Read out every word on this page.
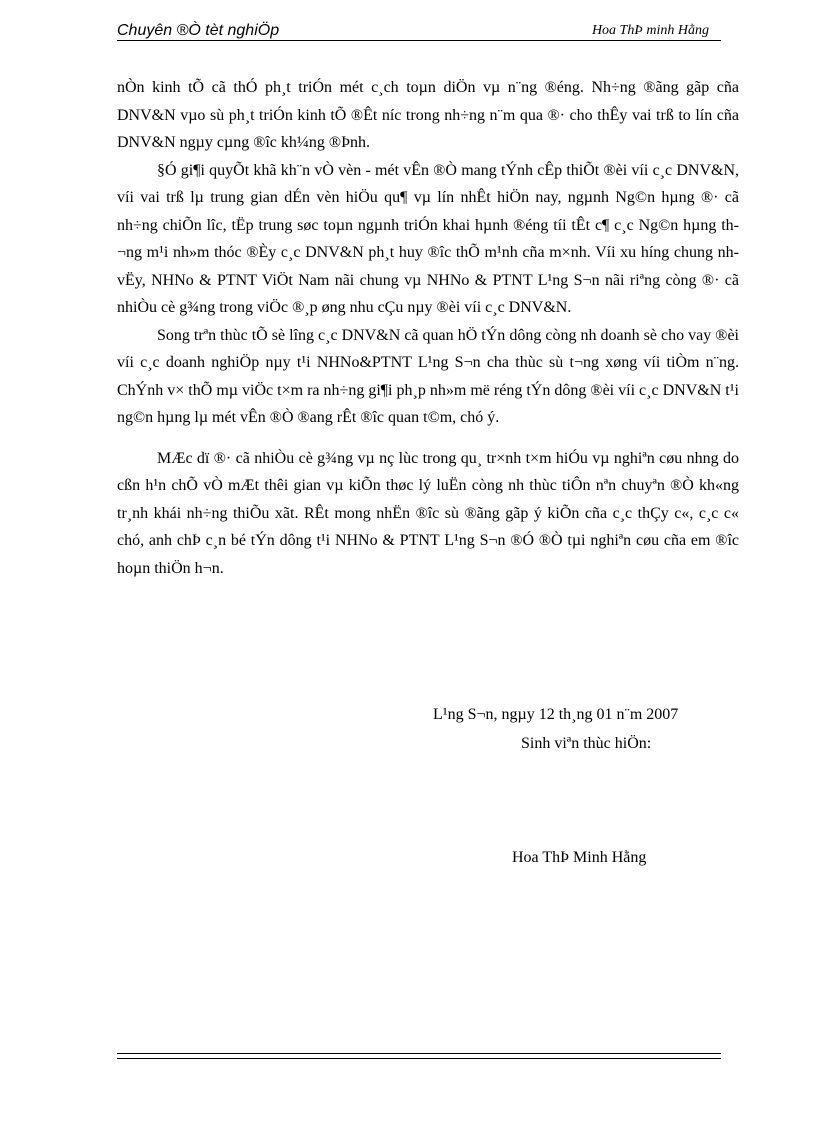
Chuyên ®Ò tèt nghiÖp	Hoa ThÞ minh Hằng

nÒn kinh tÕ cã thÓ ph¸t triÓn mét c¸ch toµn diÖn vµ n¨ng ®éng. Nh÷ng ®ãng gãp cña DNV&N vµo sù ph¸t triÓn kinh tÕ ®Êt níc trong nh÷ng n¨m qua ®· cho thÊy vai trß to lín cña DNV&N ngµy cµng ®îc kh¼ng ®Þnh.

§Ó gi¶i quyÕt khã kh¨n vÒ vèn - mét vÊn ®Ò mang tÝnh cÊp thiÕt ®èi víi c¸c DNV&N, víi vai trß lµ trung gian dÉn vèn hiÖu qu¶ vµ lín nhÊt hiÖn nay, ngµnh Ng©n hµng ®· cã nh÷ng chiÕn lîc, tËp trung søc toµn ngµnh triÓn khai hµnh ®éng tíi tÊt c¶ c¸c Ng©n hµng th¬ng m¹i nh»m thóc ®Èy c¸c DNV&N ph¸t huy ®îc thÕ m¹nh cña m×nh. Víi xu híng chung nh vËy, NHNo & PTNT ViÖt Nam nãi chung vµ NHNo & PTNT L¹ng S¬n nãi riªng còng ®· cã nhiÒu cè g¾ng trong viÖc ®¸p øng nhu cÇu nµy ®èi víi c¸c DNV&N.

Song trªn thùc tÕ sè lîng c¸c DNV&N cã quan hÖ tÝn dông còng nh doanh sè cho vay ®èi víi c¸c doanh nghiÖp nµy t¹i NHNo&PTNT L¹ng S¬n cha thùc sù t¬ng xøng víi tiÒm n¨ng. ChÝnh v× thÕ mµ viÖc t×m ra nh÷ng gi¶i ph¸p nh»m më réng tÝn dông ®èi víi c¸c DNV&N t¹i ng©n hµng lµ mét vÊn ®Ò ®ang rÊt ®îc quan t©m, chó ý.

MÆc dï ®· cã nhiÒu cè g¾ng vµ nç lùc trong qu¸ tr×nh t×m hiÓu vµ nghiªn cøu nhng do cßn h¹n chÕ vÒ mÆt thêi gian vµ kiÕn thøc lý luËn còng nh thùc tiÔn nªn chuyªn ®Ò kh«ng tr¸nh khái nh÷ng thiÕu xãt. RÊt mong nhËn ®îc sù ®ãng gãp ý kiÕn cña c¸c thÇy c«, c¸c c« chó, anh chÞ c¸n bé tÝn dông t¹i NHNo & PTNT L¹ng S¬n ®Ó ®Ò tµi nghiªn cøu cña em ®îc hoµn thiÖn h¬n.

L¹ng S¬n, ngµy 12 th¸ng 01 n¨m 2007
Sinh viªn thùc hiÖn:
Hoa ThÞ Minh Hằng
